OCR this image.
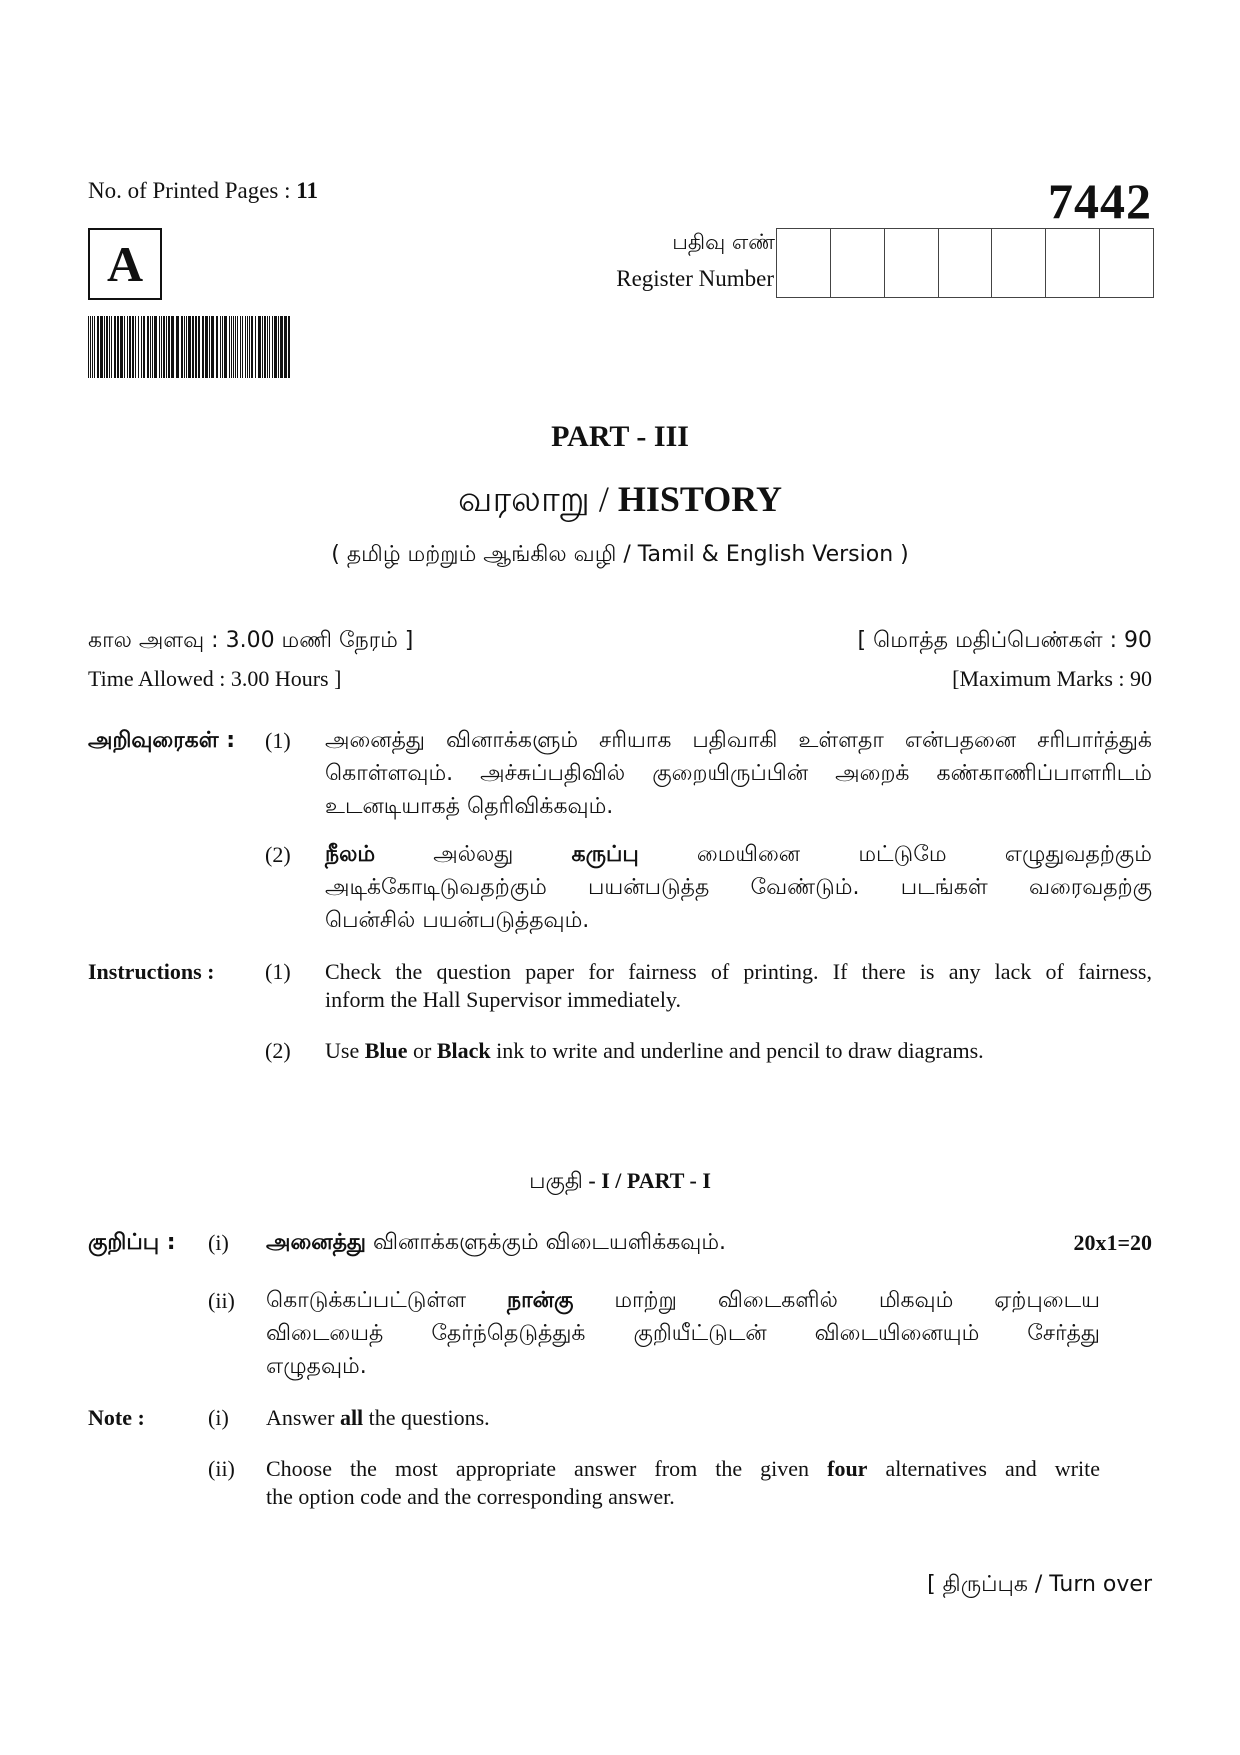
No. of Printed Pages : 11	7442
A	பதிவு எண்
Register Number
PART - III
வரலாறு / HISTORY
( தமிழ் மற்றும் ஆங்கில வழி / Tamil & English Version )
கால அளவு : 3.00 மணி நேரம் ]	[ மொத்த மதிப்பெண்கள் : 90
Time Allowed : 3.00 Hours ]	[Maximum Marks : 90
அறிவுரைகள் : (1) அனைத்து வினாக்களும் சரியாக பதிவாகி உள்ளதா என்பதனை சரிபார்த்துக்
கொள்ளவும். அச்சுப்பதிவில் குறையிருப்பின் அறைக் கண்காணிப்பாளரிடம்
உடனடியாகத் தெரிவிக்கவும்.
(2) நீலம்	அல்லது	கருப்பு	மையினை	மட்டுமே	எழுதுவதற்கும்
அடிக்கோடிடுவதற்கும் பயன்படுத்த வேண்டும். படங்கள் வரைவதற்கு
பென்சில் பயன்படுத்தவும்.
Instructions : (1) Check the question paper for fairness of printing. If there is any lack of fairness,
inform the Hall Supervisor immediately.
(2) Use Blue or Black ink to write and underline and pencil to draw diagrams.
பகுதி - I / PART - I
குறிப்பு : (i) அனைத்து வினாக்களுக்கும் விடையளிக்கவும்.	20x1=20
(ii) கொடுக்கப்பட்டுள்ள நான்கு மாற்று விடைகளில் மிகவும் ஏற்புடைய
விடையைத் தேர்ந்தெடுத்துக் குறியீட்டுடன் விடையினையும் சேர்த்து
எழுதவும்.
Note :	(i) Answer all the questions.
(ii) Choose the most appropriate answer from the given four alternatives and write
the option code and the corresponding answer.
[ திருப்புக / Turn over
